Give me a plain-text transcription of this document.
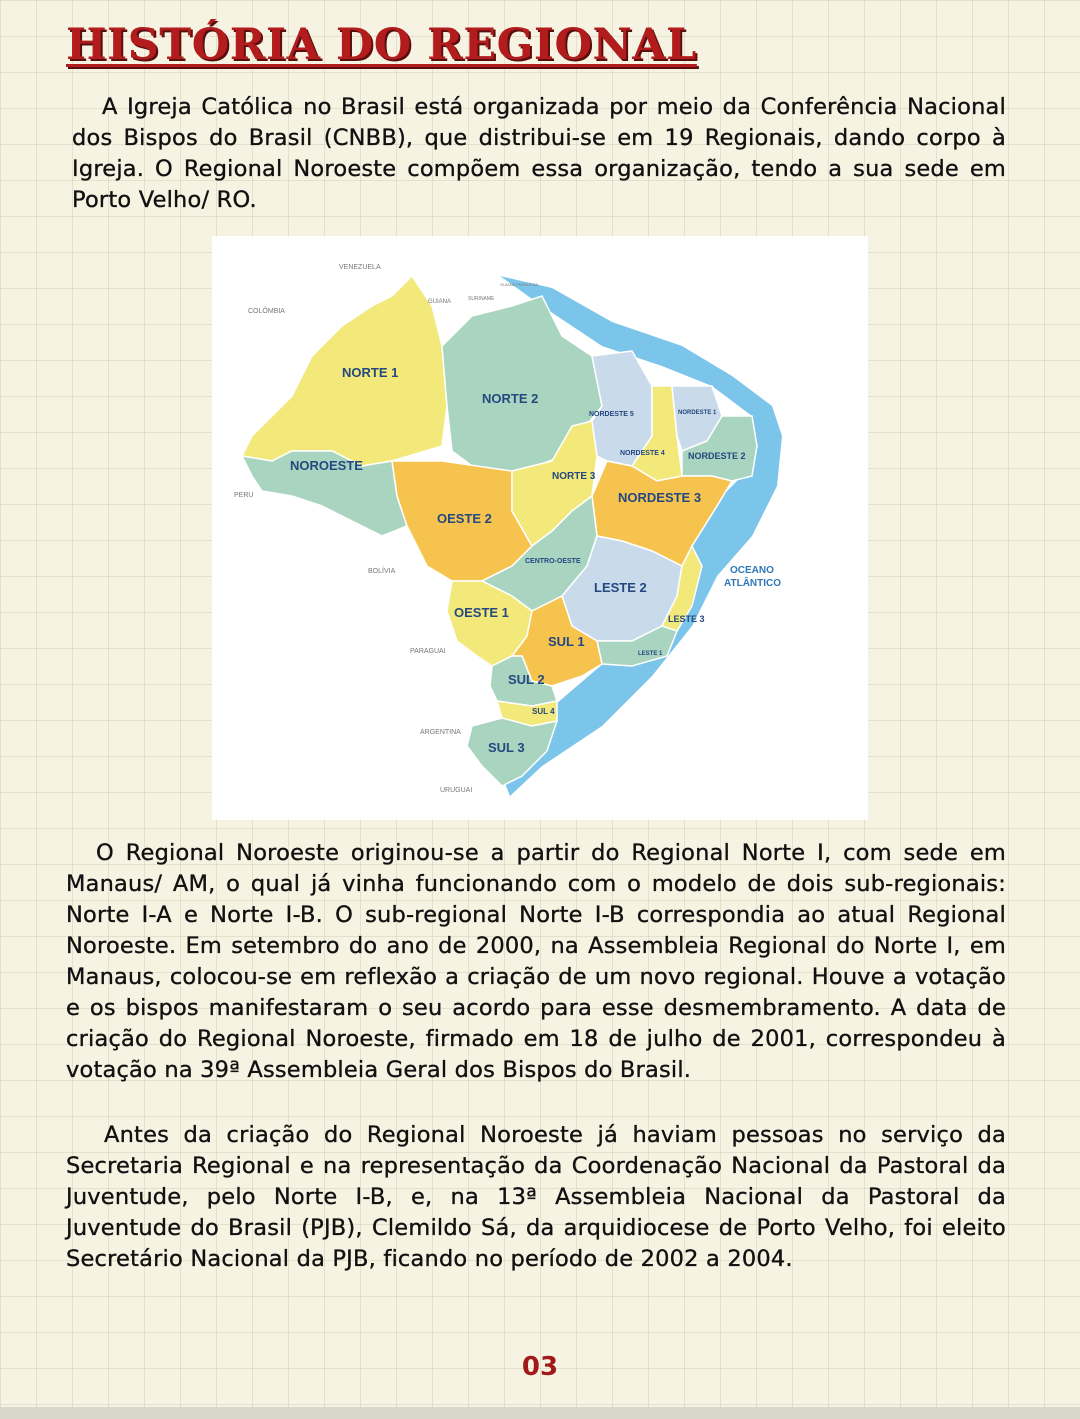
HISTÓRIA DO REGIONAL

A Igreja Católica no Brasil está organizada por meio da Conferência Nacional dos Bispos do Brasil (CNBB), que distribui-se em 19 Regionais, dando corpo à Igreja. O Regional Noroeste compõem essa organização, tendo a sua sede em Porto Velho/ RO.

NORTE 1
NORTE 2
NOROESTE
OESTE 2
NORTE 3
NORDESTE 5
NORDESTE 4
NORDESTE 1
NORDESTE 2
NORDESTE 3
CENTRO-OESTE
LESTE 2
LESTE 3
LESTE 1
OESTE 1
SUL 1
SUL 2
SUL 4
SUL 3
VENEZUELA
COLÔMBIA
GUIANA	SURINAME
GUIANA FRANCESA
PERU
BOLÍVIA
PARAGUAI
ARGENTINA
URUGUAI
OCEANO
ATLÂNTICO

O Regional Noroeste originou-se a partir do Regional Norte I, com sede em Manaus/ AM, o qual já vinha funcionando com o modelo de dois sub-regionais: Norte I-A e Norte I-B. O sub-regional Norte I-B correspondia ao atual Regional Noroeste. Em setembro do ano de 2000, na Assembleia Regional do Norte I, em Manaus, colocou-se em reflexão a criação de um novo regional. Houve a votação e os bispos manifestaram o seu acordo para esse desmembramento. A data de criação do Regional Noroeste, firmado em 18 de julho de 2001, correspondeu à votação na 39ª Assembleia Geral dos Bispos do Brasil.

Antes da criação do Regional Noroeste já haviam pessoas no serviço da Secretaria Regional e na representação da Coordenação Nacional da Pastoral da Juventude, pelo Norte I-B, e, na 13ª Assembleia Nacional da Pastoral da Juventude do Brasil (PJB), Clemildo Sá, da arquidiocese de Porto Velho, foi eleito Secretário Nacional da PJB, ficando no período de 2002 a 2004.

03
